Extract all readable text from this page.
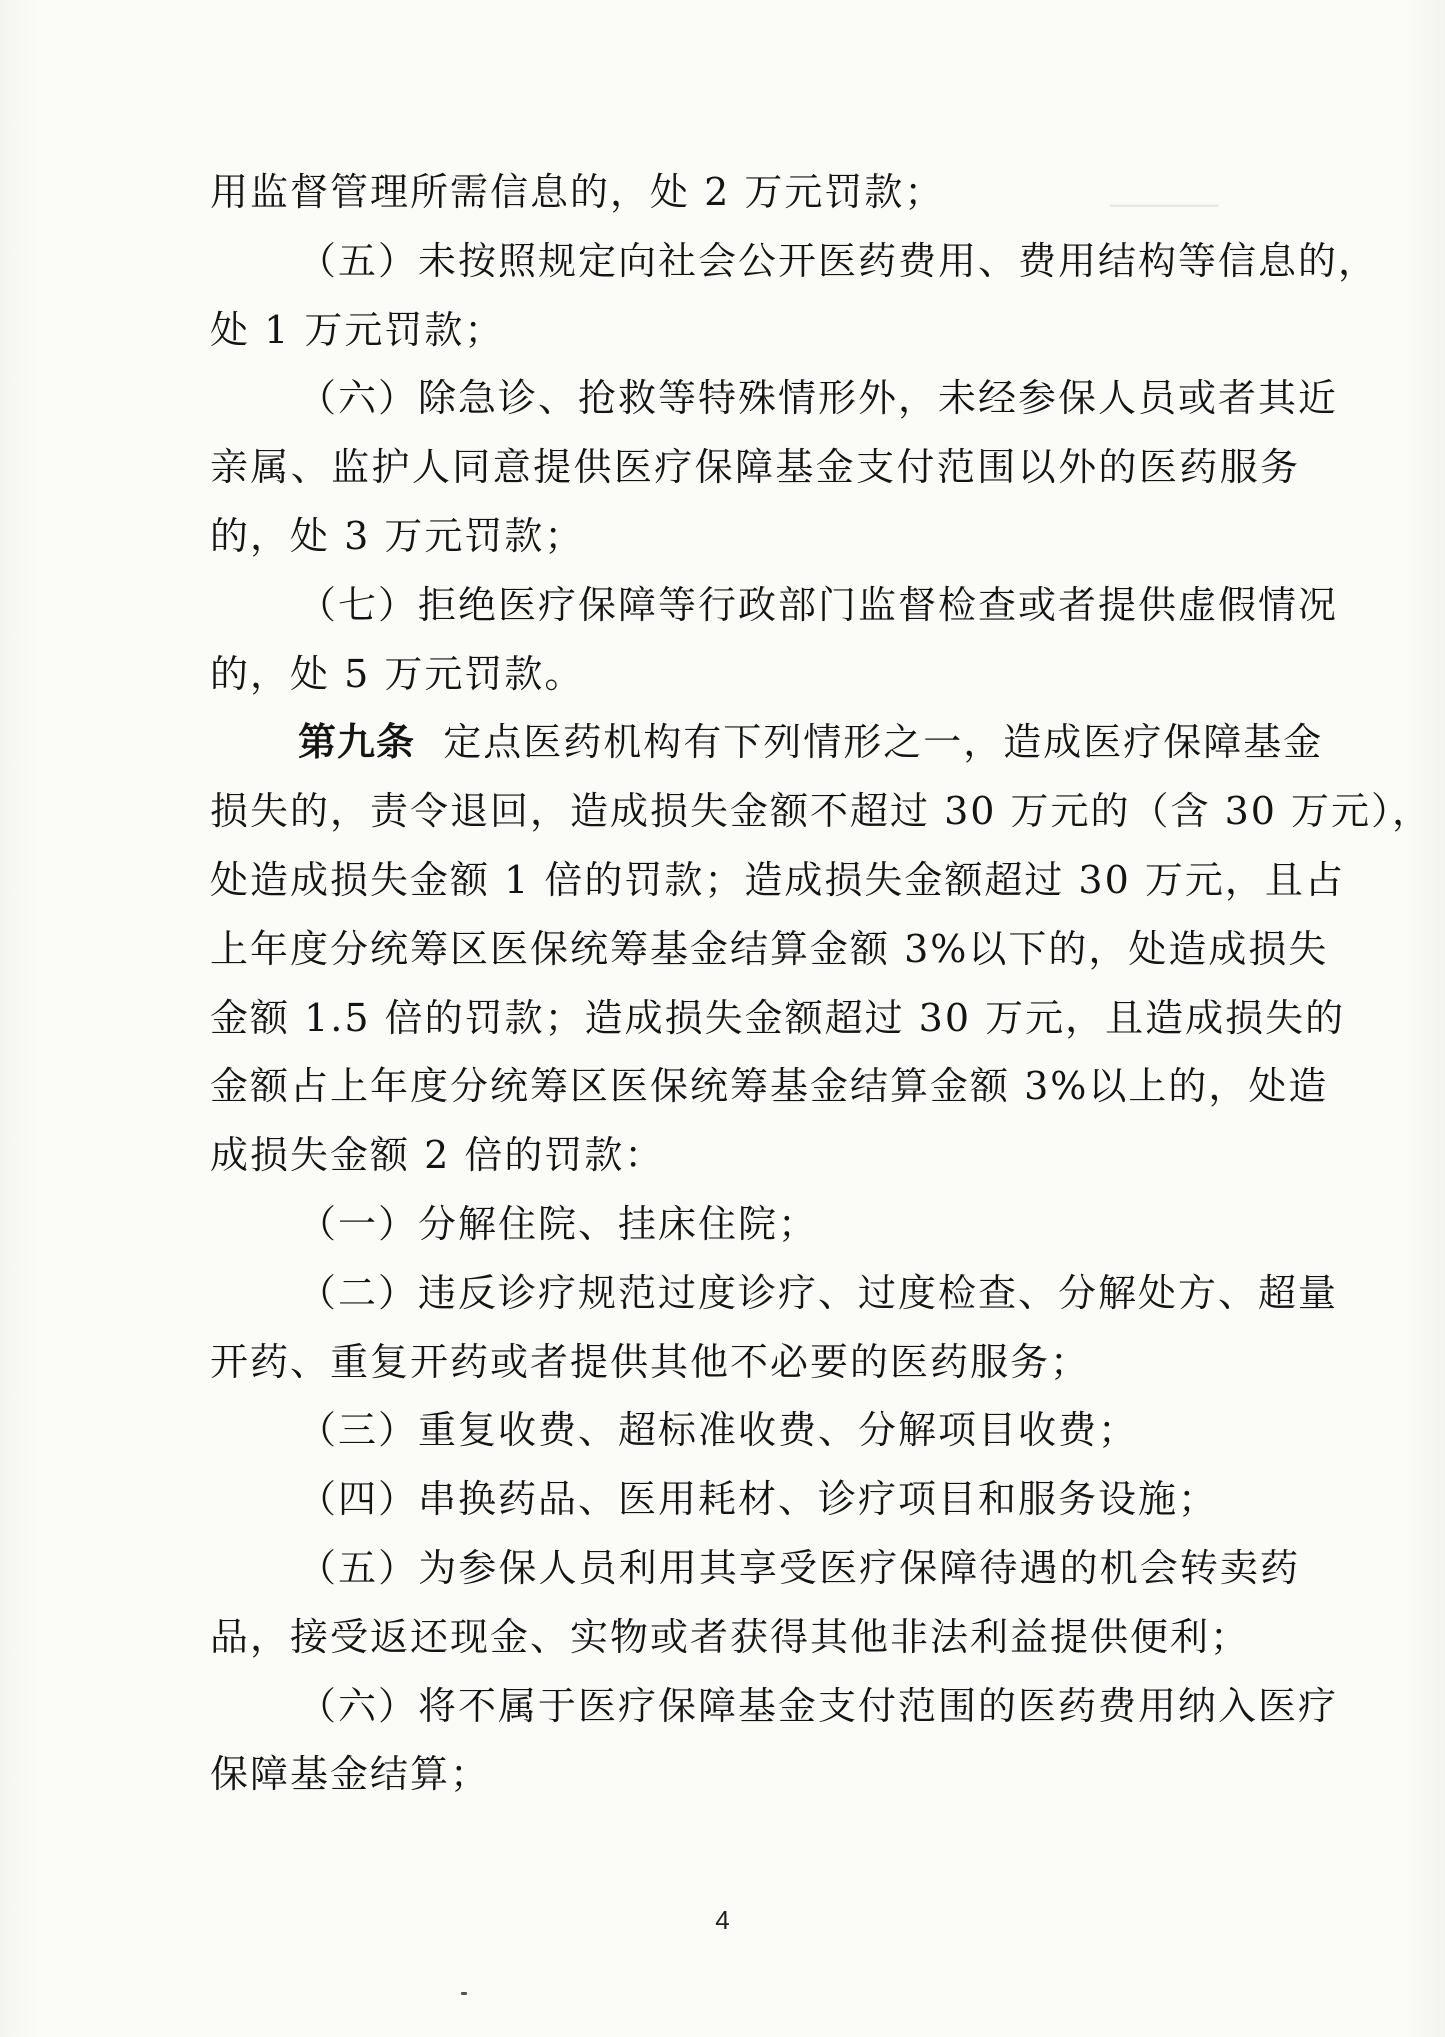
──────
用监督管理所需信息的，处 2 万元罚款；
（五）未按照规定向社会公开医药费用、费用结构等信息的，
处 1 万元罚款；
（六）除急诊、抢救等特殊情形外，未经参保人员或者其近
亲属、监护人同意提供医疗保障基金支付范围以外的医药服务
的，处 3 万元罚款；
（七）拒绝医疗保障等行政部门监督检查或者提供虚假情况
的，处 5 万元罚款。
第九条 定点医药机构有下列情形之一，造成医疗保障基金
损失的，责令退回，造成损失金额不超过 30 万元的（含 30 万元），
处造成损失金额 1 倍的罚款；造成损失金额超过 30 万元，且占
上年度分统筹区医保统筹基金结算金额 3%以下的，处造成损失
金额 1.5 倍的罚款；造成损失金额超过 30 万元，且造成损失的
金额占上年度分统筹区医保统筹基金结算金额 3%以上的，处造
成损失金额 2 倍的罚款：
（一）分解住院、挂床住院；
（二）违反诊疗规范过度诊疗、过度检查、分解处方、超量
开药、重复开药或者提供其他不必要的医药服务；
（三）重复收费、超标准收费、分解项目收费；
（四）串换药品、医用耗材、诊疗项目和服务设施；
（五）为参保人员利用其享受医疗保障待遇的机会转卖药
品，接受返还现金、实物或者获得其他非法利益提供便利；
（六）将不属于医疗保障基金支付范围的医药费用纳入医疗
保障基金结算；
4
